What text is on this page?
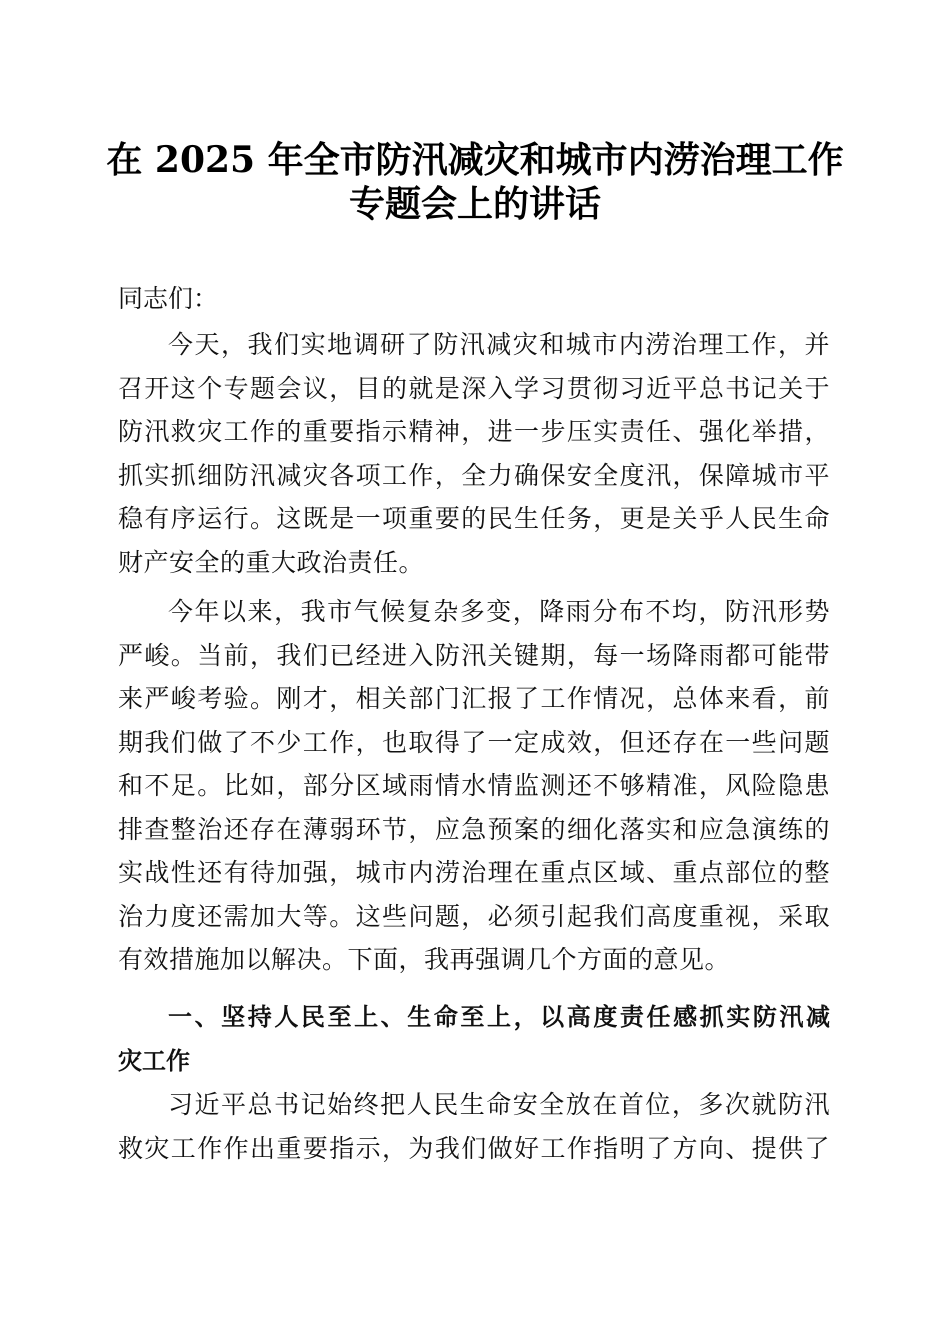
在 2025 年全市防汛减灾和城市内涝治理工作
专题会上的讲话
同志们：
今天，我们实地调研了防汛减灾和城市内涝治理工作，并
召开这个专题会议，目的就是深入学习贯彻习近平总书记关于
防汛救灾工作的重要指示精神，进一步压实责任、强化举措，
抓实抓细防汛减灾各项工作，全力确保安全度汛，保障城市平
稳有序运行。这既是一项重要的民生任务，更是关乎人民生命
财产安全的重大政治责任。
今年以来，我市气候复杂多变，降雨分布不均，防汛形势
严峻。当前，我们已经进入防汛关键期，每一场降雨都可能带
来严峻考验。刚才，相关部门汇报了工作情况，总体来看，前
期我们做了不少工作，也取得了一定成效，但还存在一些问题
和不足。比如，部分区域雨情水情监测还不够精准，风险隐患
排查整治还存在薄弱环节，应急预案的细化落实和应急演练的
实战性还有待加强，城市内涝治理在重点区域、重点部位的整
治力度还需加大等。这些问题，必须引起我们高度重视，采取
有效措施加以解决。下面，我再强调几个方面的意见。
一、坚持人民至上、生命至上，以高度责任感抓实防汛减
灾工作
习近平总书记始终把人民生命安全放在首位，多次就防汛
救灾工作作出重要指示，为我们做好工作指明了方向、提供了
